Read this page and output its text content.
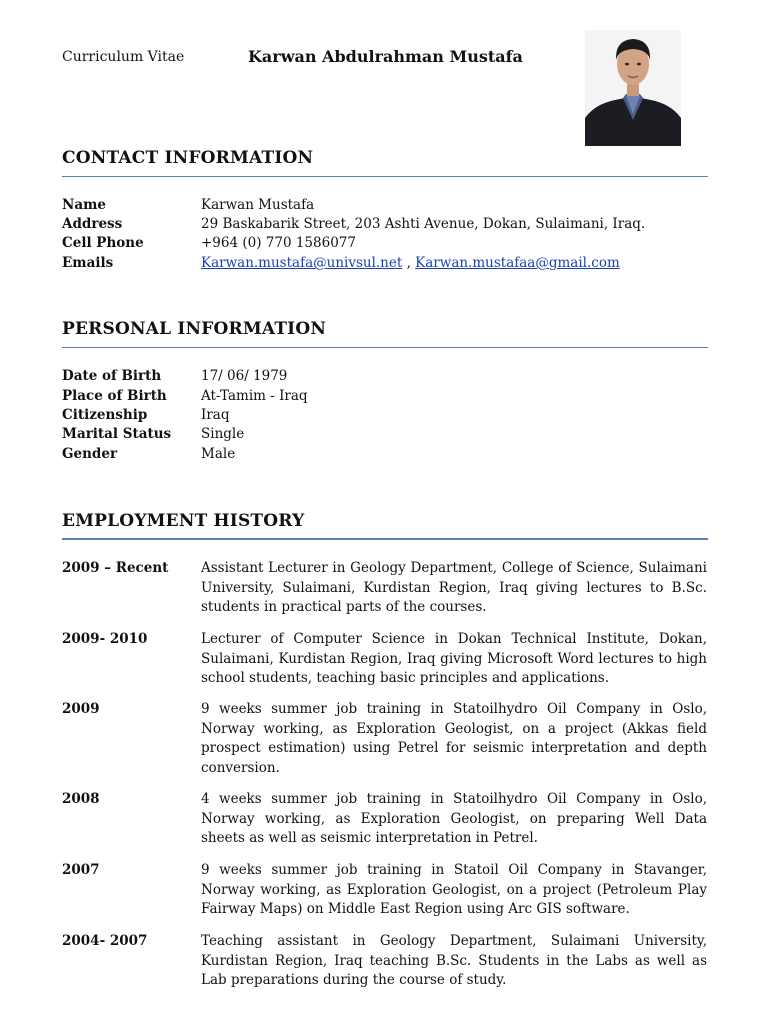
Curriculum Vitae	Karwan Abdulrahman Mustafa
CONTACT INFORMATION
Name	Karwan Mustafa
Address	29 Baskabarik Street, 203 Ashti Avenue, Dokan, Sulaimani, Iraq.
Cell Phone	+964 (0) 770 1586077
Emails	Karwan.mustafa@univsul.net , Karwan.mustafaa@gmail.com
PERSONAL INFORMATION
Date of Birth	17/ 06/ 1979
Place of Birth	At-Tamim - Iraq
Citizenship	Iraq
Marital Status Single
Gender	Male
EMPLOYMENT HISTORY
2009 – Recent Assistant Lecturer in Geology Department, College of Science, Sulaimani University, Sulaimani, Kurdistan Region, Iraq giving lectures to B.Sc. students in practical parts of the courses.
2009- 2010	Lecturer of Computer Science in Dokan Technical Institute, Dokan, Sulaimani, Kurdistan Region, Iraq giving Microsoft Word lectures to high school students, teaching basic principles and applications.
2009	9 weeks summer job training in Statoilhydro Oil Company in Oslo, Norway working, as Exploration Geologist, on a project (Akkas field prospect estimation) using Petrel for seismic interpretation and depth conversion.
2008	4 weeks summer job training in Statoilhydro Oil Company in Oslo, Norway working, as Exploration Geologist, on preparing Well Data sheets as well as seismic interpretation in Petrel.
2007	9 weeks summer job training in Statoil Oil Company in Stavanger, Norway working, as Exploration Geologist, on a project (Petroleum Play Fairway Maps) on Middle East Region using Arc GIS software.
2004- 2007	Teaching assistant in Geology Department, Sulaimani University, Kurdistan Region, Iraq teaching B.Sc. Students in the Labs as well as Lab preparations during the course of study.
